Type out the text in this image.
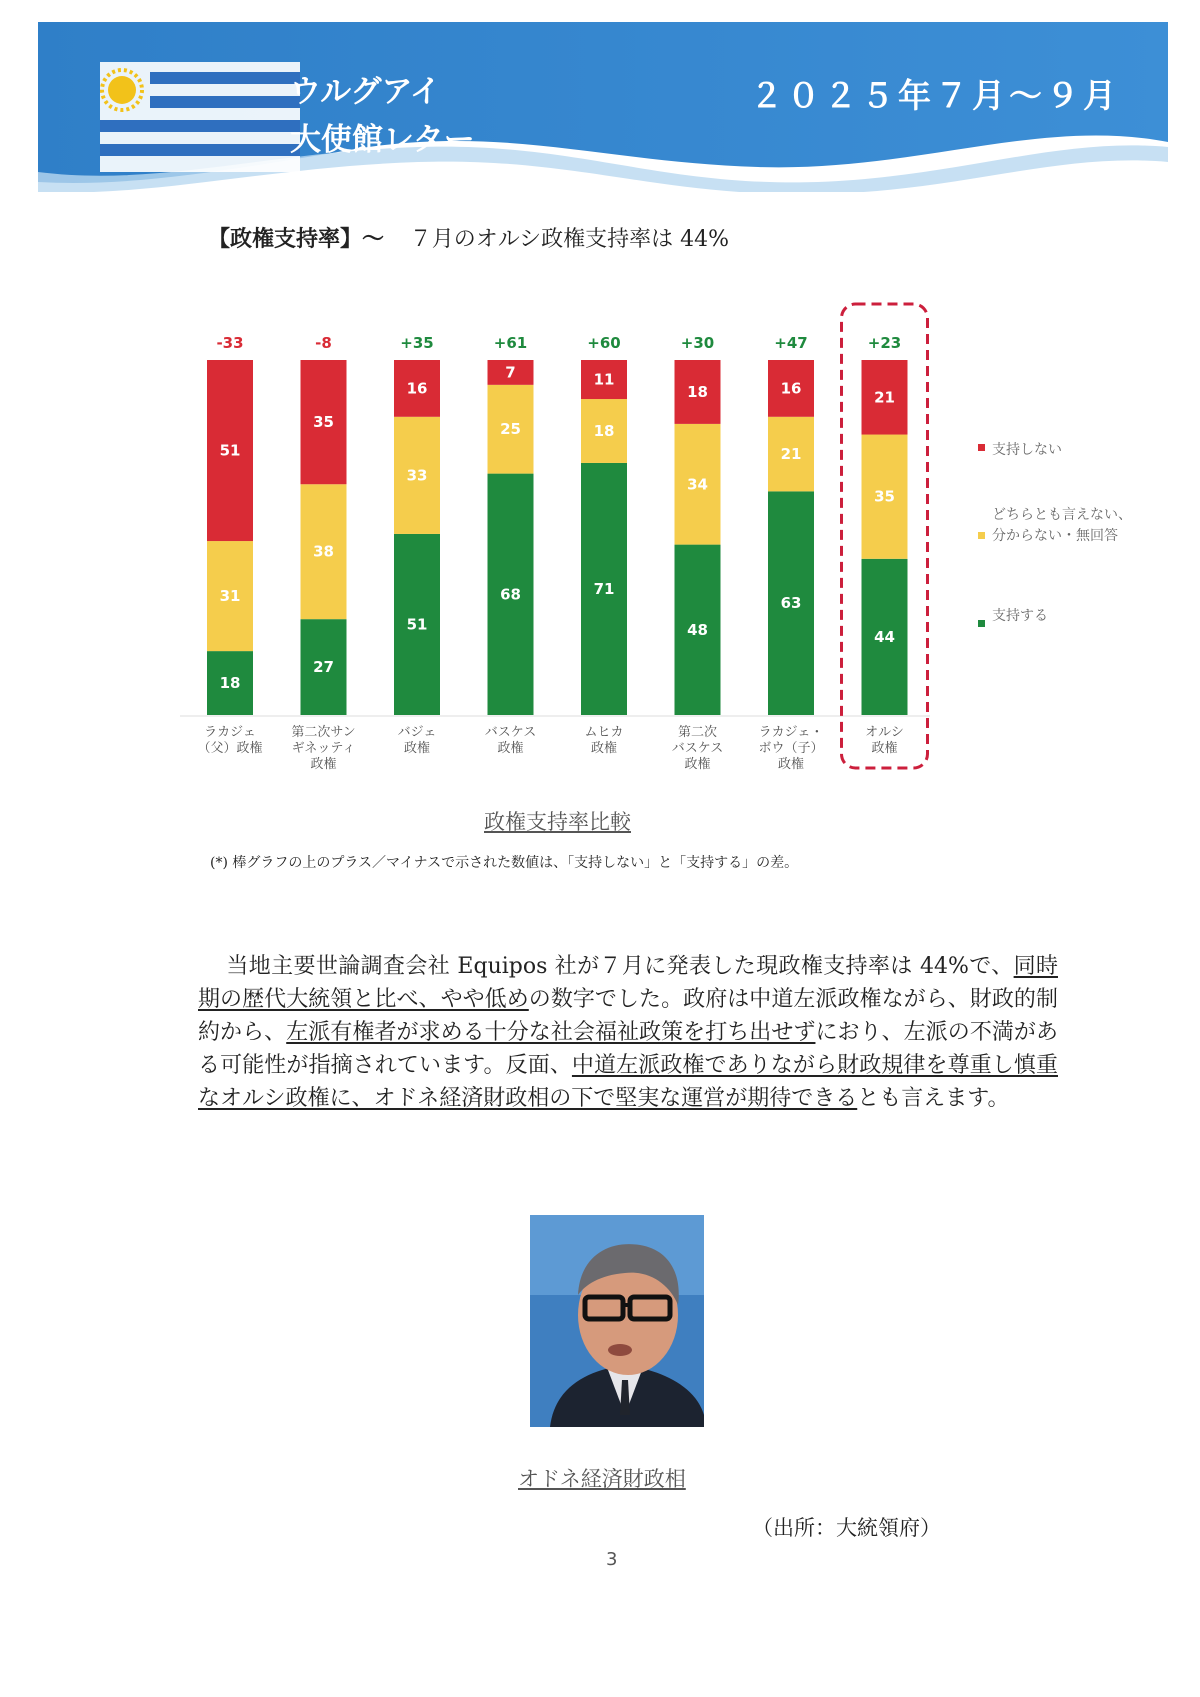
ウルグアイ
大使館レター
２０２５年７月～９月
【政権支持率】～ ７月のオルシ政権支持率は 44%
18
31
51
-33
27
38
35
-8
51
33
16
+35
68
25
7
+61
71
18
11
+60
48
34
18
+30
63
21
16
+47
44
35
21
+23
ラカジェ
（父）政権
第二次サン
ギネッティ
政権
バジェ
政権
バスケス
政権
ムヒカ
政権
第二次
バスケス
政権
ラカジェ・
ボウ（子）
政権
オルシ
政権
支持しない
どちらとも言えない、
分からない・無回答
支持する
政権支持率比較
(*) 棒グラフの上のプラス／マイナスで示された数値は、「支持しない」と「支持する」の差。
当地主要世論調査会社 Equipos 社が７月に発表した現政権支持率は 44%で、同時期の歴代大統領と比べ、やや低めの数字でした。政府は中道左派政権ながら、財政的制約から、左派有権者が求める十分な社会福祉政策を打ち出せずにおり、左派の不満がある可能性が指摘されています。反面、中道左派政権でありながら財政規律を尊重し慎重なオルシ政権に、オドネ経済財政相の下で堅実な運営が期待できるとも言えます。
オドネ経済財政相
（出所：大統領府）
3
